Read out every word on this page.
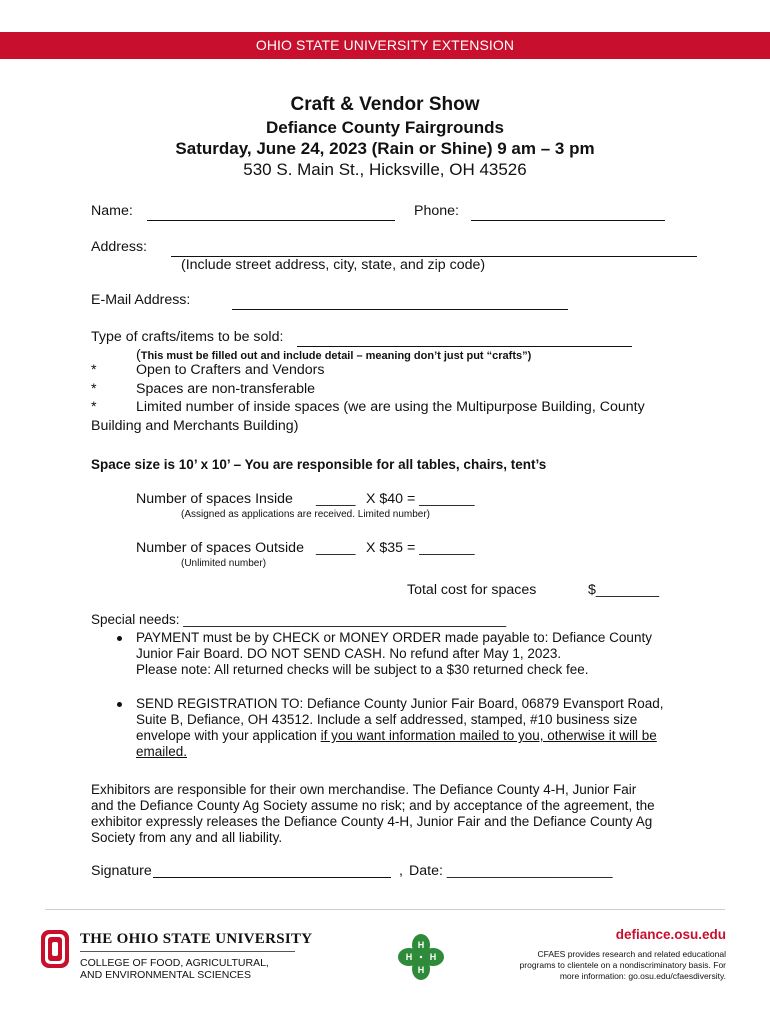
OHIO STATE UNIVERSITY EXTENSION
Craft & Vendor Show
Defiance County Fairgrounds
Saturday, June 24, 2023 (Rain or Shine) 9 am – 3 pm
530 S. Main St., Hicksville, OH 43526
Name:	Phone:
Address:
(Include street address, city, state, and zip code)
E-Mail Address:
Type of crafts/items to be sold:
(This must be filled out and include detail – meaning don’t just put “crafts”)
*	Open to Crafters and Vendors
*	Spaces are non-transferable
*	Limited number of inside spaces (we are using the Multipurpose Building, County
Building and Merchants Building)
Space size is 10’ x 10’ – You are responsible for all tables, chairs, tent’s
Number of spaces Inside _____ X $40 = _______
(Assigned as applications are received. Limited number)
Number of spaces Outside _____ X $35 = _______
(Unlimited number)
Total cost for spaces	$________
Special needs: ___________________________________________
PAYMENT must be by CHECK or MONEY ORDER made payable to: Defiance County
Junior Fair Board. DO NOT SEND CASH. No refund after May 1, 2023.
Please note: All returned checks will be subject to a $30 returned check fee.
SEND REGISTRATION TO: Defiance County Junior Fair Board, 06879 Evansport Road,
Suite B, Defiance, OH 43512. Include a self addressed, stamped, #10 business size
envelope with your application if you want information mailed to you, otherwise it will be
emailed.
Exhibitors are responsible for their own merchandise. The Defiance County 4-H, Junior Fair
and the Defiance County Ag Society assume no risk; and by acceptance of the agreement, the
exhibitor expressly releases the Defiance County 4-H, Junior Fair and the Defiance County Ag
Society from any and all liability.
Signature	, Date: _____________________
THE OHIO STATE UNIVERSITY
COLLEGE OF FOOD, AGRICULTURAL,
AND ENVIRONMENTAL SCIENCES
H
H
H H
defiance.osu.edu
CFAES provides research and related educational
programs to clientele on a nondiscriminatory basis. For
more information: go.osu.edu/cfaesdiversity.
